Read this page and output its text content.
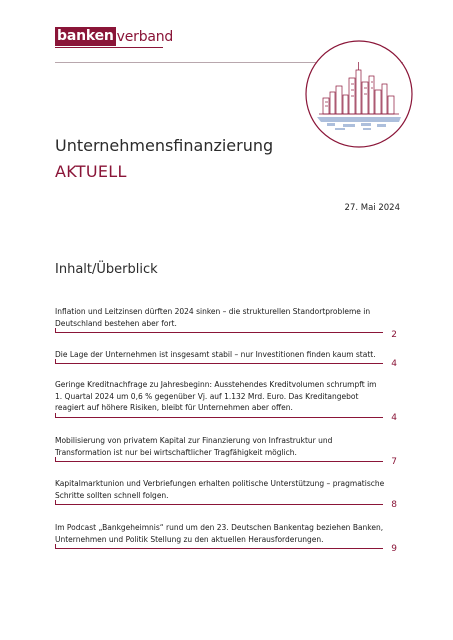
banken verband
Unternehmensfinanzierung
AKTUELL
27. Mai 2024
Inhalt/Überblick
Inflation und Leitzinsen dürften 2024 sinken – die strukturellen Standortprobleme in Deutschland bestehen aber fort.
2
Die Lage der Unternehmen ist insgesamt stabil – nur Investitionen finden kaum statt.
4
Geringe Kreditnachfrage zu Jahresbeginn: Ausstehendes Kreditvolumen schrumpft im 1. Quartal 2024 um 0,6 % gegenüber Vj. auf 1.132 Mrd. Euro. Das Kreditangebot reagiert auf höhere Risiken, bleibt für Unternehmen aber offen.
4
Mobilisierung von privatem Kapital zur Finanzierung von Infrastruktur und Transformation ist nur bei wirtschaftlicher Tragfähigkeit möglich.
7
Kapitalmarktunion und Verbriefungen erhalten politische Unterstützung – pragmatische Schritte sollten schnell folgen.
8
Im Podcast „Bankgeheimnis“ rund um den 23. Deutschen Bankentag beziehen Banken, Unternehmen und Politik Stellung zu den aktuellen Herausforderungen.
9
